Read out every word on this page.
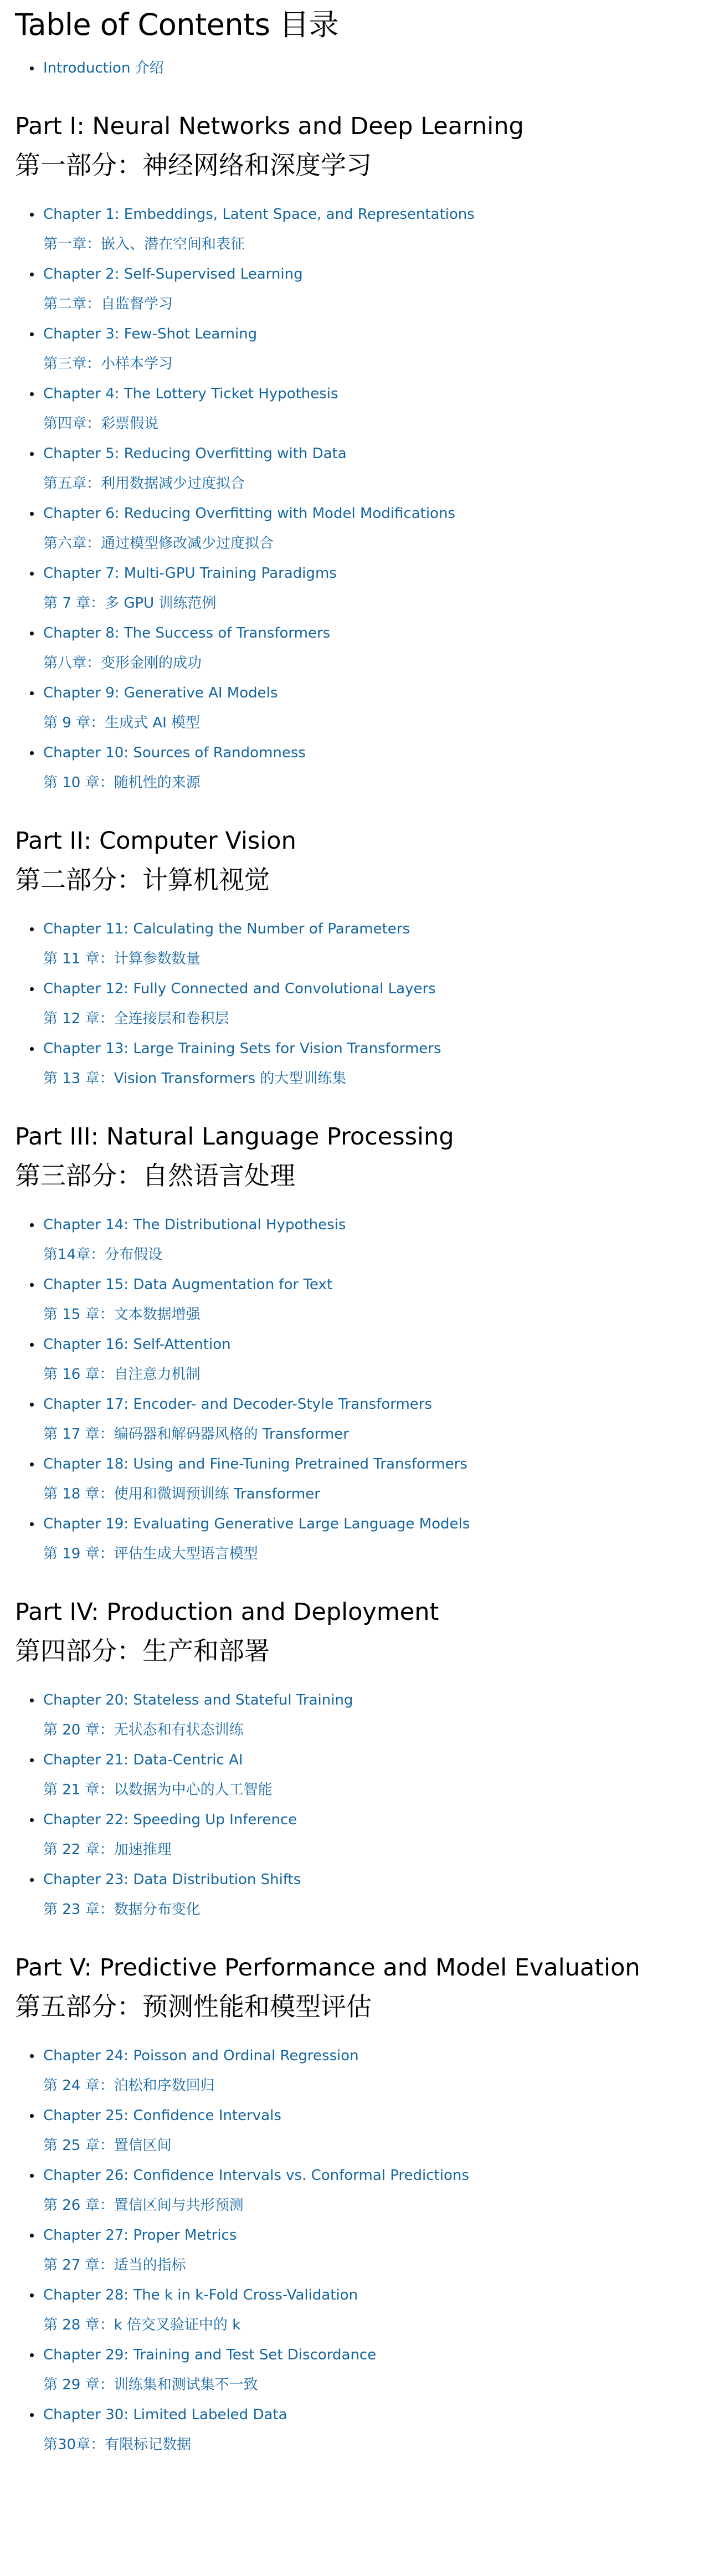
Table of Contents 目录
Introduction 介绍
Part I: Neural Networks and Deep Learning
第一部分：神经网络和深度学习
Chapter 1: Embeddings, Latent Space, and Representations
第一章：嵌入、潜在空间和表征
Chapter 2: Self-Supervised Learning
第二章：自监督学习
Chapter 3: Few-Shot Learning
第三章：小样本学习
Chapter 4: The Lottery Ticket Hypothesis
第四章：彩票假说
Chapter 5: Reducing Overfitting with Data
第五章：利用数据减少过度拟合
Chapter 6: Reducing Overfitting with Model Modifications
第六章：通过模型修改减少过度拟合
Chapter 7: Multi-GPU Training Paradigms
第 7 章：多 GPU 训练范例
Chapter 8: The Success of Transformers
第八章：变形金刚的成功
Chapter 9: Generative AI Models
第 9 章：生成式 AI 模型
Chapter 10: Sources of Randomness
第 10 章：随机性的来源
Part II: Computer Vision
第二部分：计算机视觉
Chapter 11: Calculating the Number of Parameters
第 11 章：计算参数数量
Chapter 12: Fully Connected and Convolutional Layers
第 12 章：全连接层和卷积层
Chapter 13: Large Training Sets for Vision Transformers
第 13 章：Vision Transformers 的大型训练集
Part III: Natural Language Processing
第三部分：自然语言处理
Chapter 14: The Distributional Hypothesis
第14章：分布假设
Chapter 15: Data Augmentation for Text
第 15 章：文本数据增强
Chapter 16: Self-Attention
第 16 章：自注意力机制
Chapter 17: Encoder- and Decoder-Style Transformers
第 17 章：编码器和解码器风格的 Transformer
Chapter 18: Using and Fine-Tuning Pretrained Transformers
第 18 章：使用和微调预训练 Transformer
Chapter 19: Evaluating Generative Large Language Models
第 19 章：评估生成大型语言模型
Part IV: Production and Deployment
第四部分：生产和部署
Chapter 20: Stateless and Stateful Training
第 20 章：无状态和有状态训练
Chapter 21: Data-Centric AI
第 21 章：以数据为中心的人工智能
Chapter 22: Speeding Up Inference
第 22 章：加速推理
Chapter 23: Data Distribution Shifts
第 23 章：数据分布变化
Part V: Predictive Performance and Model Evaluation
第五部分：预测性能和模型评估
Chapter 24: Poisson and Ordinal Regression
第 24 章：泊松和序数回归
Chapter 25: Confidence Intervals
第 25 章：置信区间
Chapter 26: Confidence Intervals vs. Conformal Predictions
第 26 章：置信区间与共形预测
Chapter 27: Proper Metrics
第 27 章：适当的指标
Chapter 28: The k in k-Fold Cross-Validation
第 28 章：k 倍交叉验证中的 k
Chapter 29: Training and Test Set Discordance
第 29 章：训练集和测试集不一致
Chapter 30: Limited Labeled Data
第30章：有限标记数据
